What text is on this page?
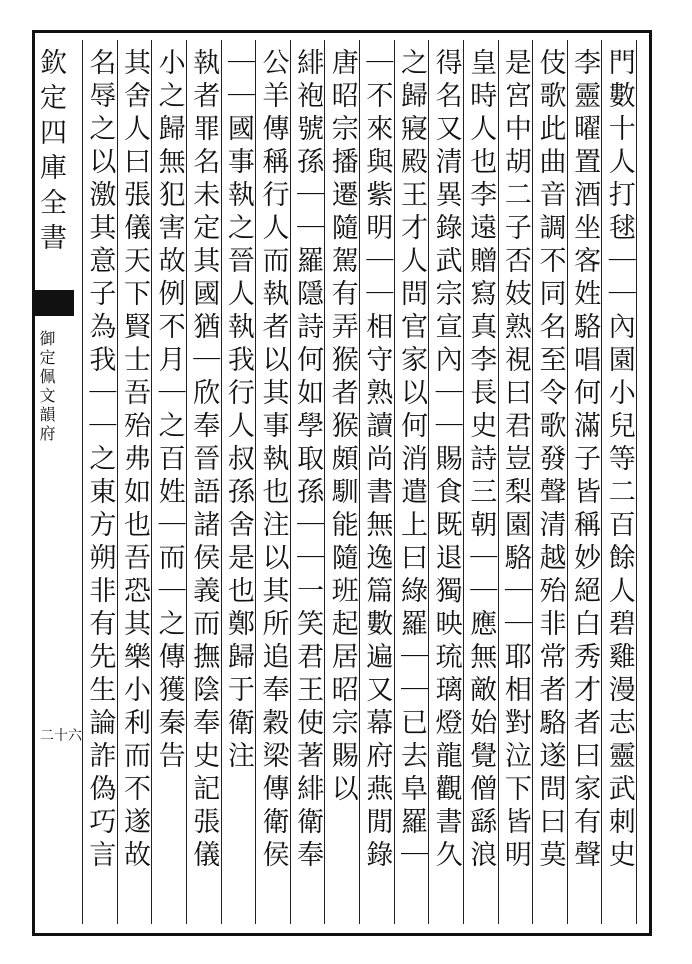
欽定四庫全書
御定佩文韻府
二十六	門數十人打毬｜｜內園小兒等二百餘人碧雞漫志靈武刺史
李靈曜置酒坐客姓駱唱何滿子皆稱妙絕白秀才者曰家有聲
伎歌此曲音調不同名至令歌發聲清越殆非常者駱遂問曰莫
是宮中胡二子否妓熟視曰君豈梨園駱｜｜耶相對泣下皆明
皇時人也李遠贈寫真李長史詩三朝｜｜應無敵始覺僧繇浪
得名又清異錄武宗宣內｜｜賜食既退獨映琉璃燈龍觀書久
之歸寢殿王才人問官家以何消遣上曰綠羅｜｜已去阜羅｜
｜不來與紫明｜｜相守熟讀尚書無逸篇數遍又幕府燕閒錄
唐昭宗播遷隨駕有弄猴者猴頗馴能隨班起居昭宗賜以
緋袍號孫｜｜羅隱詩何如學取孫｜｜一笑君王使著緋衛奉
公羊傳稱行人而執者以其事執也注以其所追奉穀梁傳衛侯
｜｜國事執之晉人執我行人叔孫舍是也鄭歸于衛注
執者罪名未定其國猶｜欣奉晉語諸侯義而撫陰奉史記張儀
小之歸無犯害故例不月｜之百姓｜而｜之傳獲秦告
其舍人曰張儀天下賢士吾殆弗如也吾恐其樂小利而不遂故
名辱之以激其意子為我｜｜之東方朔非有先生論詐偽巧言
